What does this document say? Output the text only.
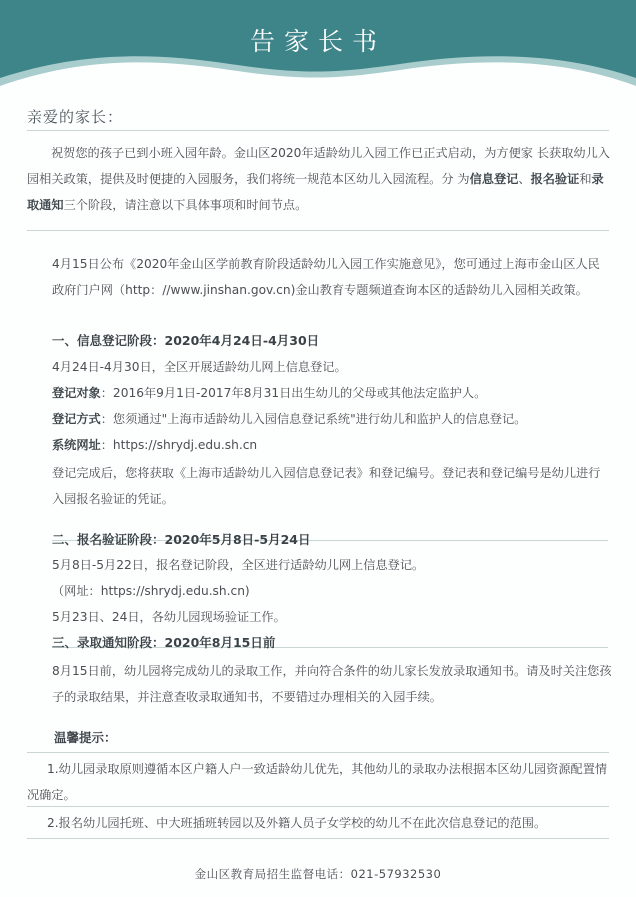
告家长书
亲爱的家长：

祝贺您的孩子已到小班入园年龄。金山区2020年适龄幼儿入园工作已正式启动，为方便家 长获取幼儿入园相关政策，提供及时便捷的入园服务，我们将统一规范本区幼儿入园流程。分 为信息登记、报名验证和录取通知三个阶段，请注意以下具体事项和时间节点。

4月15日公布《2020年金山区学前教育阶段适龄幼儿入园工作实施意见》，您可通过上海市金山区人民政府门户网（http：//www.jinshan.gov.cn)金山教育专题频道查询本区的适龄幼儿入园相关政策。

一、信息登记阶段：2020年4月24日-4月30日

4月24日-4月30日，全区开展适龄幼儿网上信息登记。

登记对象：2016年9月1日-2017年8月31日出生幼儿的父母或其他法定监护人。

登记方式：您须通过"上海市适龄幼儿入园信息登记系统"进行幼儿和监护人的信息登记。

系统网址：https://shrydj.edu.sh.cn

登记完成后，您将获取《上海市适龄幼儿入园信息登记表》和登记编号。登记表和登记编号是幼儿进行入园报名验证的凭证。

二、报名验证阶段：2020年5月8日-5月24日

5月8日-5月22日，报名登记阶段，全区进行适龄幼儿网上信息登记。

（网址：https://shrydj.edu.sh.cn)

5月23日、24日，各幼儿园现场验证工作。

三、录取通知阶段：2020年8月15日前

8月15日前，幼儿园将完成幼儿的录取工作，并向符合条件的幼儿家长发放录取通知书。请及时关注您孩子的录取结果，并注意查收录取通知书，不要错过办理相关的入园手续。

温馨提示：

1.幼儿园录取原则遵循本区户籍人户一致适龄幼儿优先，其他幼儿的录取办法根据本区幼儿园资源配置情况确定。

2.报名幼儿园托班、中大班插班转园以及外籍人员子女学校的幼儿不在此次信息登记的范围。

金山区教育局招生监督电话：021-57932530
